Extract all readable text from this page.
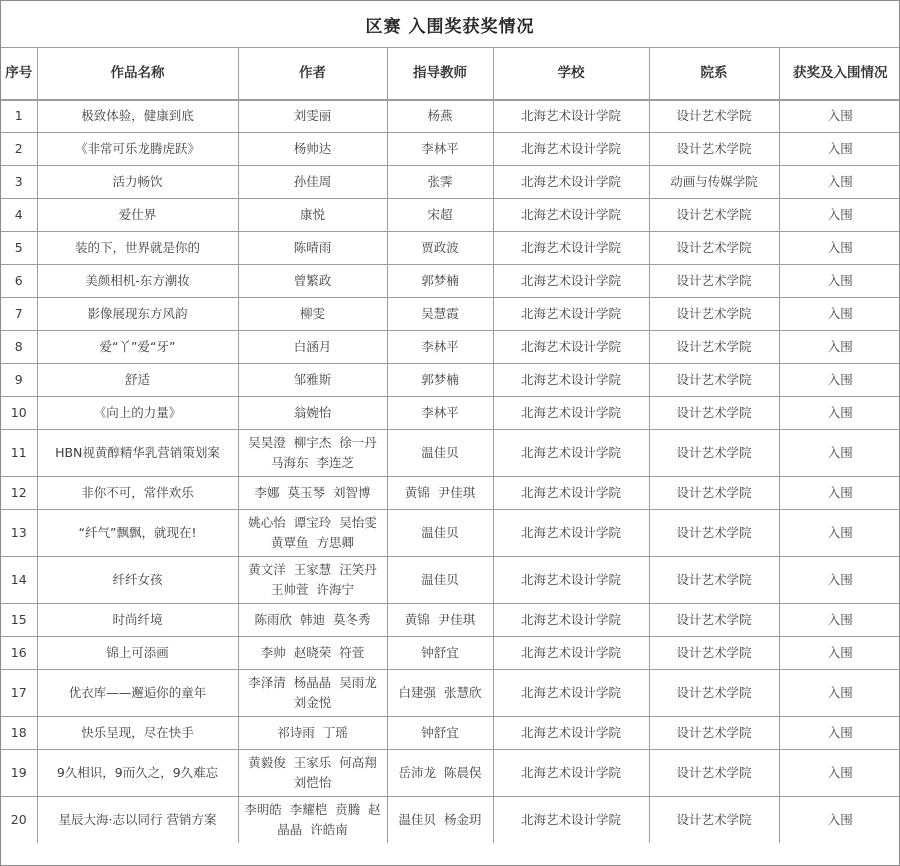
区赛 入围奖获奖情况
序号	作品名称	作者	指导教师	学校	院系	获奖及入围情况
1	极致体验，健康到底	刘雯丽	杨燕	北海艺术设计学院	设计艺术学院	入围
2	《非常可乐龙腾虎跃》	杨帅达	李林平	北海艺术设计学院	设计艺术学院	入围
3	活力畅饮	孙佳周	张霁	北海艺术设计学院	动画与传媒学院	入围
4	爱仕界	康悦	宋超	北海艺术设计学院	设计艺术学院	入围
5	装的下，世界就是你的	陈晴雨	贾政波	北海艺术设计学院	设计艺术学院	入围
6	美颜相机-东方潮妆	曾繁政	郭梦楠	北海艺术设计学院	设计艺术学院	入围
7	影像展现东方风韵	柳雯	吴慧霞	北海艺术设计学院	设计艺术学院	入围
8	爱“丫”爱“牙”	白涵月	李林平	北海艺术设计学院	设计艺术学院	入围
9	舒适	邹雅斯	郭梦楠	北海艺术设计学院	设计艺术学院	入围
10	《向上的力量》	翁婉怡	李林平	北海艺术设计学院	设计艺术学院	入围
11	HBN视黄醇精华乳营销策划案	吴昊澄  柳宇杰  徐一丹  马海东  李连芝	温佳贝	北海艺术设计学院	设计艺术学院	入围
12	非你不可，常伴欢乐	李娜  莫玉琴  刘智博	黄锦  尹佳琪	北海艺术设计学院	设计艺术学院	入围
13	“纤气”飘飘，就现在!	姚心怡  谭宝玲  吴怡雯  黄覃鱼  方思卿	温佳贝	北海艺术设计学院	设计艺术学院	入围
14	纤纤女孩	黄文洋  王家慧  汪笑丹  王帅萱  许海宁	温佳贝	北海艺术设计学院	设计艺术学院	入围
15	时尚纤境	陈雨欣  韩迪  莫冬秀	黄锦  尹佳琪	北海艺术设计学院	设计艺术学院	入围
16	锦上可添画	李帅  赵晓荣  符萱	钟舒宜	北海艺术设计学院	设计艺术学院	入围
17	优衣库——邂逅你的童年	李泽清  杨晶晶  吴雨龙  刘金悦	白建强  张慧欣	北海艺术设计学院	设计艺术学院	入围
18	快乐呈现，尽在快手	祁诗雨  丁瑶	钟舒宜	北海艺术设计学院	设计艺术学院	入围
19	9久相识，9而久之，9久难忘	黄毅俊  王家乐  何高翔  刘恺怡	岳沛龙  陈晨俣	北海艺术设计学院	设计艺术学院	入围
20	星辰大海·志以同行 营销方案	李明皓  李耀桤  贲腾  赵晶晶  许皓南	温佳贝  杨金玥	北海艺术设计学院	设计艺术学院	入围
